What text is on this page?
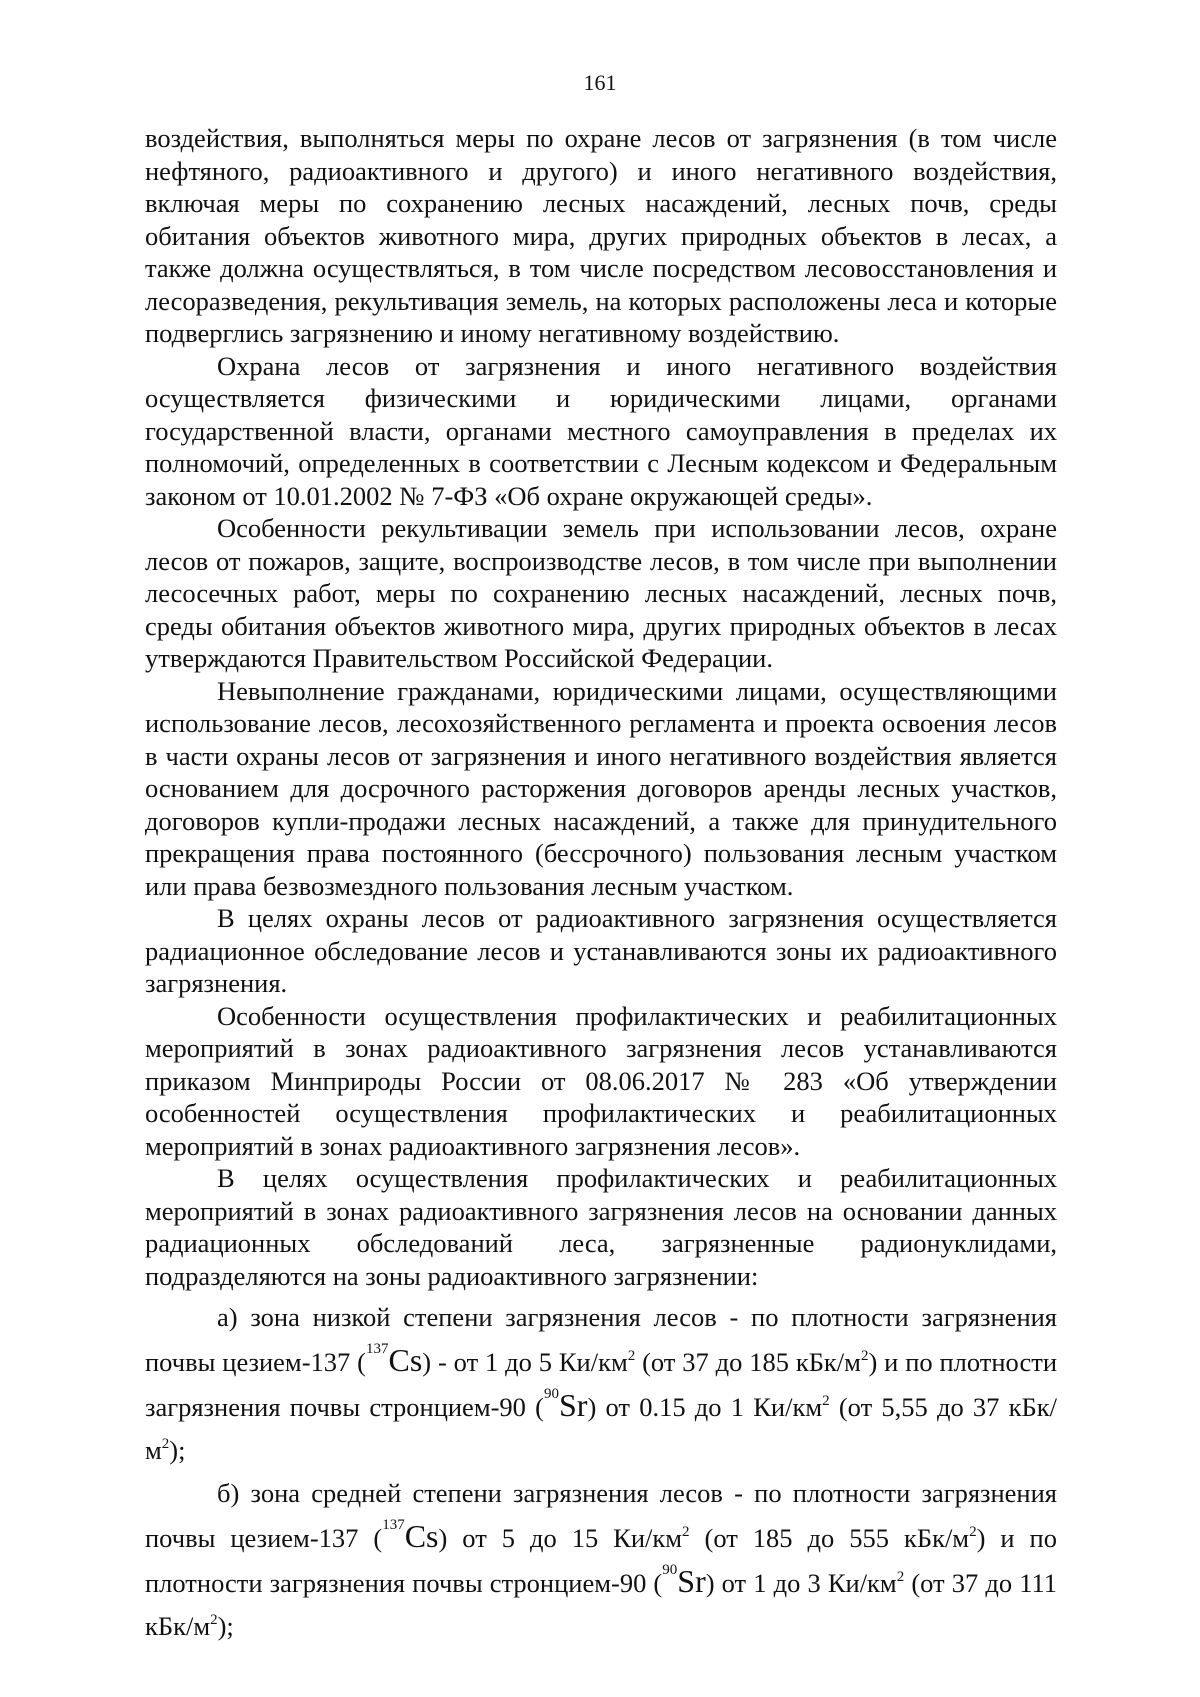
161

воздействия, выполняться меры по охране лесов от загрязнения (в том числе нефтяного, радиоактивного и другого) и иного негативного воздействия, включая меры по сохранению лесных насаждений, лесных почв, среды обитания объектов животного мира, других природных объектов в лесах, а также должна осуществляться, в том числе посредством лесовосстановления и лесоразведения, рекультивация земель, на которых расположены леса и которые подверглись загрязнению и иному негативному воздействию.

Охрана лесов от загрязнения и иного негативного воздействия осуществляется физическими и юридическими лицами, органами государственной власти, органами местного самоуправления в пределах их полномочий, определенных в соответствии с Лесным кодексом и Федеральным законом от 10.01.2002 № 7-ФЗ «Об охране окружающей среды».

Особенности рекультивации земель при использовании лесов, охране лесов от пожаров, защите, воспроизводстве лесов, в том числе при выполнении лесосечных работ, меры по сохранению лесных насаждений, лесных почв, среды обитания объектов животного мира, других природных объектов в лесах утверждаются Правительством Российской Федерации.

Невыполнение гражданами, юридическими лицами, осуществляющими использование лесов, лесохозяйственного регламента и проекта освоения лесов в части охраны лесов от загрязнения и иного негативного воздействия является основанием для досрочного расторжения договоров аренды лесных участков, договоров купли-продажи лесных насаждений, а также для принудительного прекращения права постоянного (бессрочного) пользования лесным участком или права безвозмездного пользования лесным участком.

В целях охраны лесов от радиоактивного загрязнения осуществляется радиационное обследование лесов и устанавливаются зоны их радиоактивного загрязнения.

Особенности осуществления профилактических и реабилитационных мероприятий в зонах радиоактивного загрязнения лесов устанавливаются приказом Минприроды России от 08.06.2017 № 283 «Об утверждении особенностей осуществления профилактических и реабилитационных мероприятий в зонах радиоактивного загрязнения лесов».

В целях осуществления профилактических и реабилитационных мероприятий в зонах радиоактивного загрязнения лесов на основании данных радиационных обследований леса, загрязненные радионуклидами, подразделяются на зоны радиоактивного загрязнении:

а) зона низкой степени загрязнения лесов - по плотности загрязнения почвы цезием-137 ($^{137}$Cs) - от 1 до 5 $Ки/км^2$ (от 37 до 185 кБк/$м^2$) и по плотности загрязнения почвы стронцием-90 ($^{90}$Sr) от 0.15 до 1 $Ки/км^2$ (от 5,55 до 37 кБк/$м^2$);

б) зона средней степени загрязнения лесов - по плотности загрязнения почвы цезием-137 ($^{137}$Cs) от 5 до 15 $Ки/км^2$ (от 185 до 555 кБк/$м^2$) и по плотности загрязнения почвы стронцием-90 ($^{90}$Sr) от 1 до 3 $Ки/км^2$ (от 37 до 111 кБк/$м^2$);
